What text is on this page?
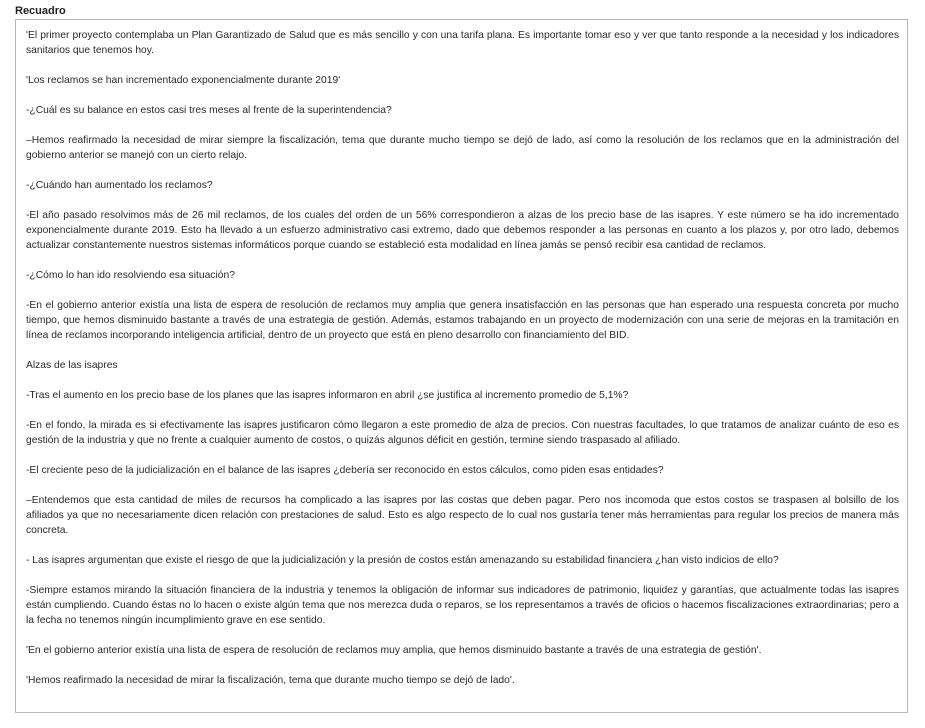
Recuadro

'El primer proyecto contemplaba un Plan Garantizado de Salud que es más sencillo y con una tarifa plana. Es importante tomar eso y ver que tanto responde a la necesidad y los indicadores sanitarios que tenemos hoy.

'Los reclamos se han incrementado exponencialmente durante 2019'

-¿Cuál es su balance en estos casi tres meses al frente de la superintendencia?

–Hemos reafirmado la necesidad de mirar siempre la fiscalización, tema que durante mucho tiempo se dejó de lado, así como la resolución de los reclamos que en la administración del gobierno anterior se manejó con un cierto relajo.

-¿Cuándo han aumentado los reclamos?

-El año pasado resolvimos más de 26 mil reclamos, de los cuales del orden de un 56% correspondieron a alzas de los precio base de las isapres. Y este número se ha ido incrementado exponencialmente durante 2019. Esto ha llevado a un esfuerzo administrativo casi extremo, dado que debemos responder a las personas en cuanto a los plazos y, por otro lado, debemos actualizar constantemente nuestros sistemas informáticos porque cuando se estableció esta modalidad en línea jamás se pensó recibir esa cantidad de reclamos.

-¿Cómo lo han ido resolviendo esa situación?

-En el gobierno anterior existía una lista de espera de resolución de reclamos muy amplia que genera insatisfacción en las personas que han esperado una respuesta concreta por mucho tiempo, que hemos disminuido bastante a través de una estrategia de gestión. Además, estamos trabajando en un proyecto de modernización con una serie de mejoras en la tramitación en línea de reclamos incorporando inteligencia artificial, dentro de un proyecto que está en pleno desarrollo con financiamiento del BID.

Alzas de las isapres

-Tras el aumento en los precio base de los planes que las isapres informaron en abril ¿se justifica al incremento promedio de 5,1%?

-En el fondo, la mirada es si efectivamente las isapres justificaron cómo llegaron a este promedio de alza de precios. Con nuestras facultades, lo que tratamos de analizar cuánto de eso es gestión de la industria y que no frente a cualquier aumento de costos, o quizás algunos déficit en gestión, termine siendo traspasado al afiliado.

-El creciente peso de la judicialización en el balance de las isapres ¿debería ser reconocido en estos cálculos, como piden esas entidades?

–Entendemos que esta cantidad de miles de recursos ha complicado a las isapres por las costas que deben pagar. Pero nos incomoda que estos costos se traspasen al bolsillo de los afiliados ya que no necesariamente dicen relación con prestaciones de salud. Esto es algo respecto de lo cual nos gustaría tener más herramientas para regular los precios de manera más concreta.

- Las isapres argumentan que existe el riesgo de que la judicialización y la presión de costos están amenazando su estabilidad financiera ¿han visto indicios de ello?

-Siempre estamos mirando la situación financiera de la industria y tenemos la obligación de informar sus indicadores de patrimonio, liquidez y garantías, que actualmente todas las isapres están cumpliendo. Cuando éstas no lo hacen o existe algún tema que nos merezca duda o reparos, se los representamos a través de oficios o hacemos fiscalizaciones extraordinarias; pero a la fecha no tenemos ningún incumplimiento grave en ese sentido.

'En el gobierno anterior existía una lista de espera de resolución de reclamos muy amplia, que hemos disminuido bastante a través de una estrategia de gestión'.

'Hemos reafirmado la necesidad de mirar la fiscalización, tema que durante mucho tiempo se dejó de lado'.
